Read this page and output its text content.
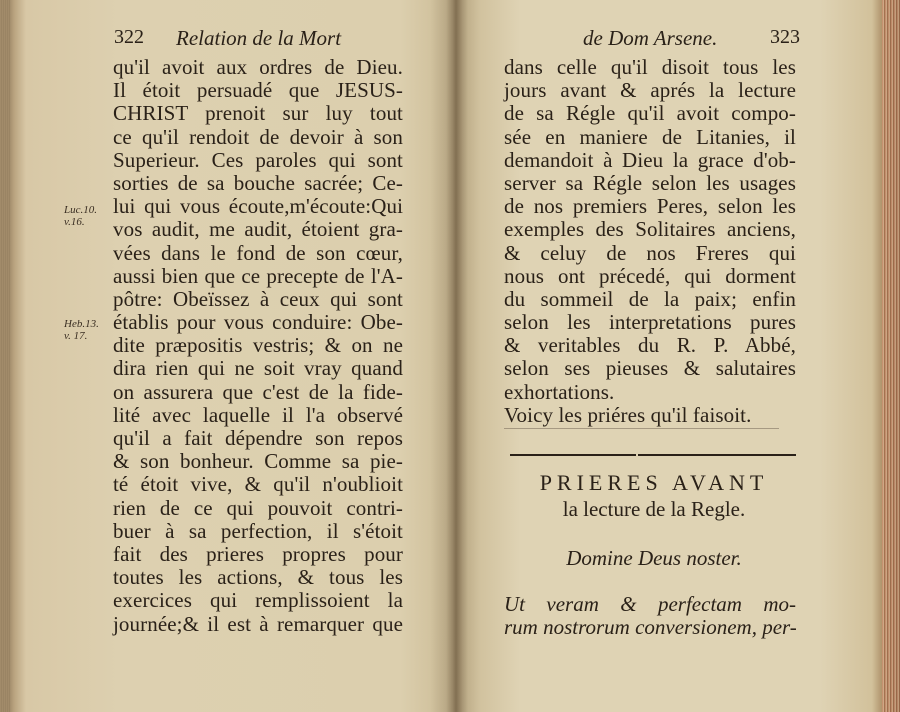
322 Relation de la Mort
Luc.10.
v.16.
Heb.13.
v. 17.
qu'il avoit aux ordres de Dieu.
Il étoit persuadé que JESUS-
CHRIST prenoit sur luy tout
ce qu'il rendoit de devoir à son
Superieur. Ces paroles qui sont
sorties de sa bouche sacrée; Ce-
lui qui vous écoute,m'écoute:Qui
vos audit, me audit, étoient gra-
vées dans le fond de son cœur,
aussi bien que ce precepte de l'A-
pôtre: Obeïssez à ceux qui sont
établis pour vous conduire: Obe-
dite præpositis vestris; & on ne
dira rien qui ne soit vray quand
on assurera que c'est de la fide-
lité avec laquelle il l'a observé
qu'il a fait dépendre son repos
& son bonheur. Comme sa pie-
té étoit vive, & qu'il n'oublioit
rien de ce qui pouvoit contri-
buer à sa perfection, il s'étoit
fait des prieres propres pour
toutes les actions, & tous les
exercices qui remplissoient la
journée;& il est à remarquer que
de Dom Arsene.	323
dans celle qu'il disoit tous les
jours avant & aprés la lecture
de sa Régle qu'il avoit compo-
sée en maniere de Litanies, il
demandoit à Dieu la grace d'ob-
server sa Régle selon les usages
de nos premiers Peres, selon les
exemples des Solitaires anciens,
& celuy de nos Freres qui
nous ont précedé, qui dorment
du sommeil de la paix; enfin
selon les interpretations pures
& veritables du R. P. Abbé,
selon ses pieuses & salutaires
exhortations.
Voicy les priéres qu'il faisoit.
PRIERES AVANT
la lecture de la Regle.
Domine Deus noster.
Ut veram & perfectam mo-
rum nostrorum conversionem, per-
